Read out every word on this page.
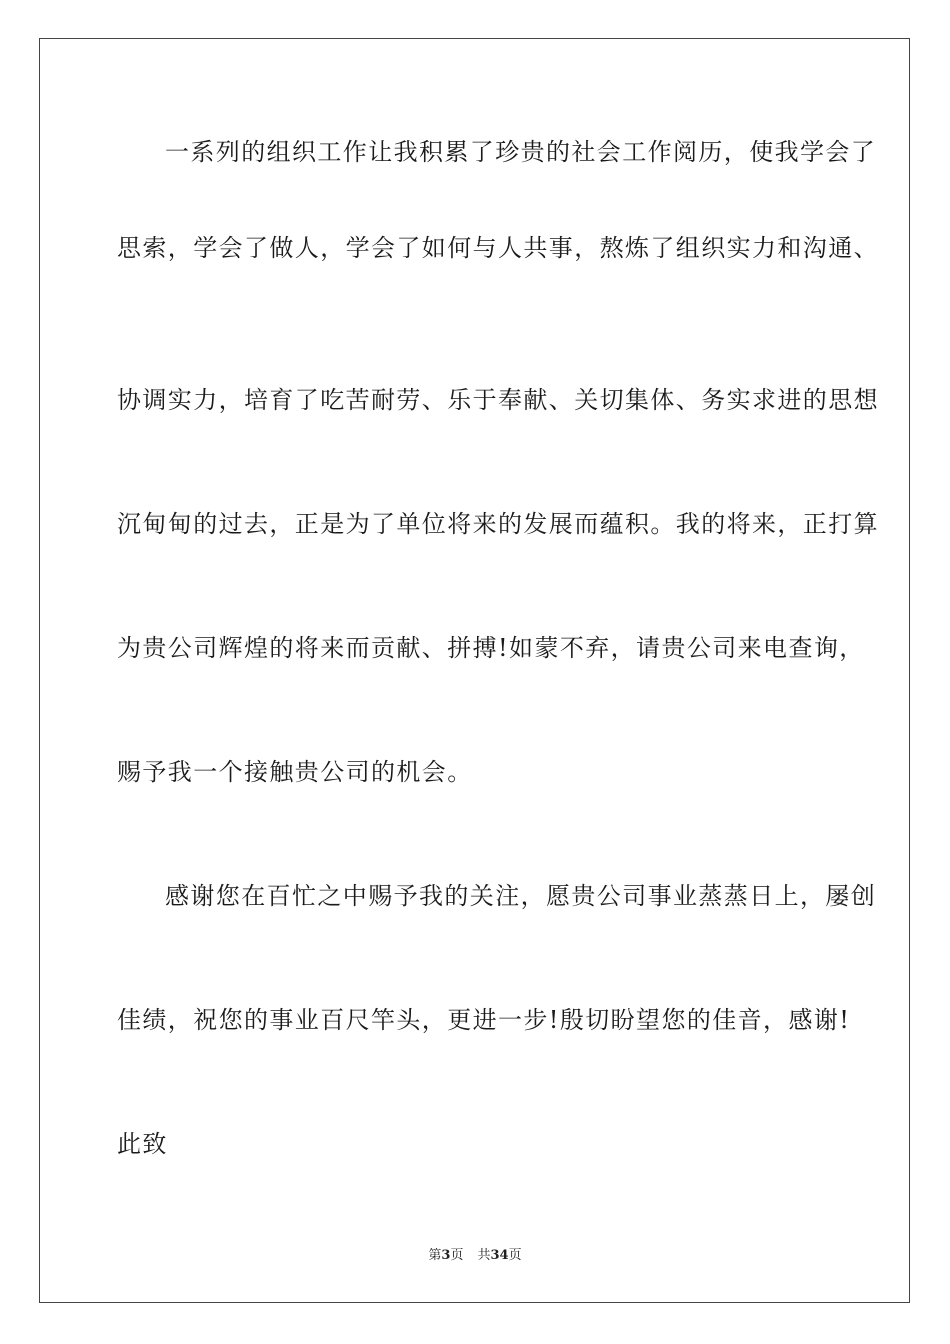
一系列的组织工作让我积累了珍贵的社会工作阅历，使我学会了
思索，学会了做人，学会了如何与人共事，熬炼了组织实力和沟通、
协调实力，培育了吃苦耐劳、乐于奉献、关切集体、务实求进的思想
沉甸甸的过去，正是为了单位将来的发展而蕴积。我的将来，正打算
为贵公司辉煌的将来而贡献、拼搏!如蒙不弃，请贵公司来电查询，
赐予我一个接触贵公司的机会。
感谢您在百忙之中赐予我的关注，愿贵公司事业蒸蒸日上，屡创
佳绩，祝您的事业百尺竿头，更进一步!殷切盼望您的佳音，感谢!
此致
第3页 共34页
